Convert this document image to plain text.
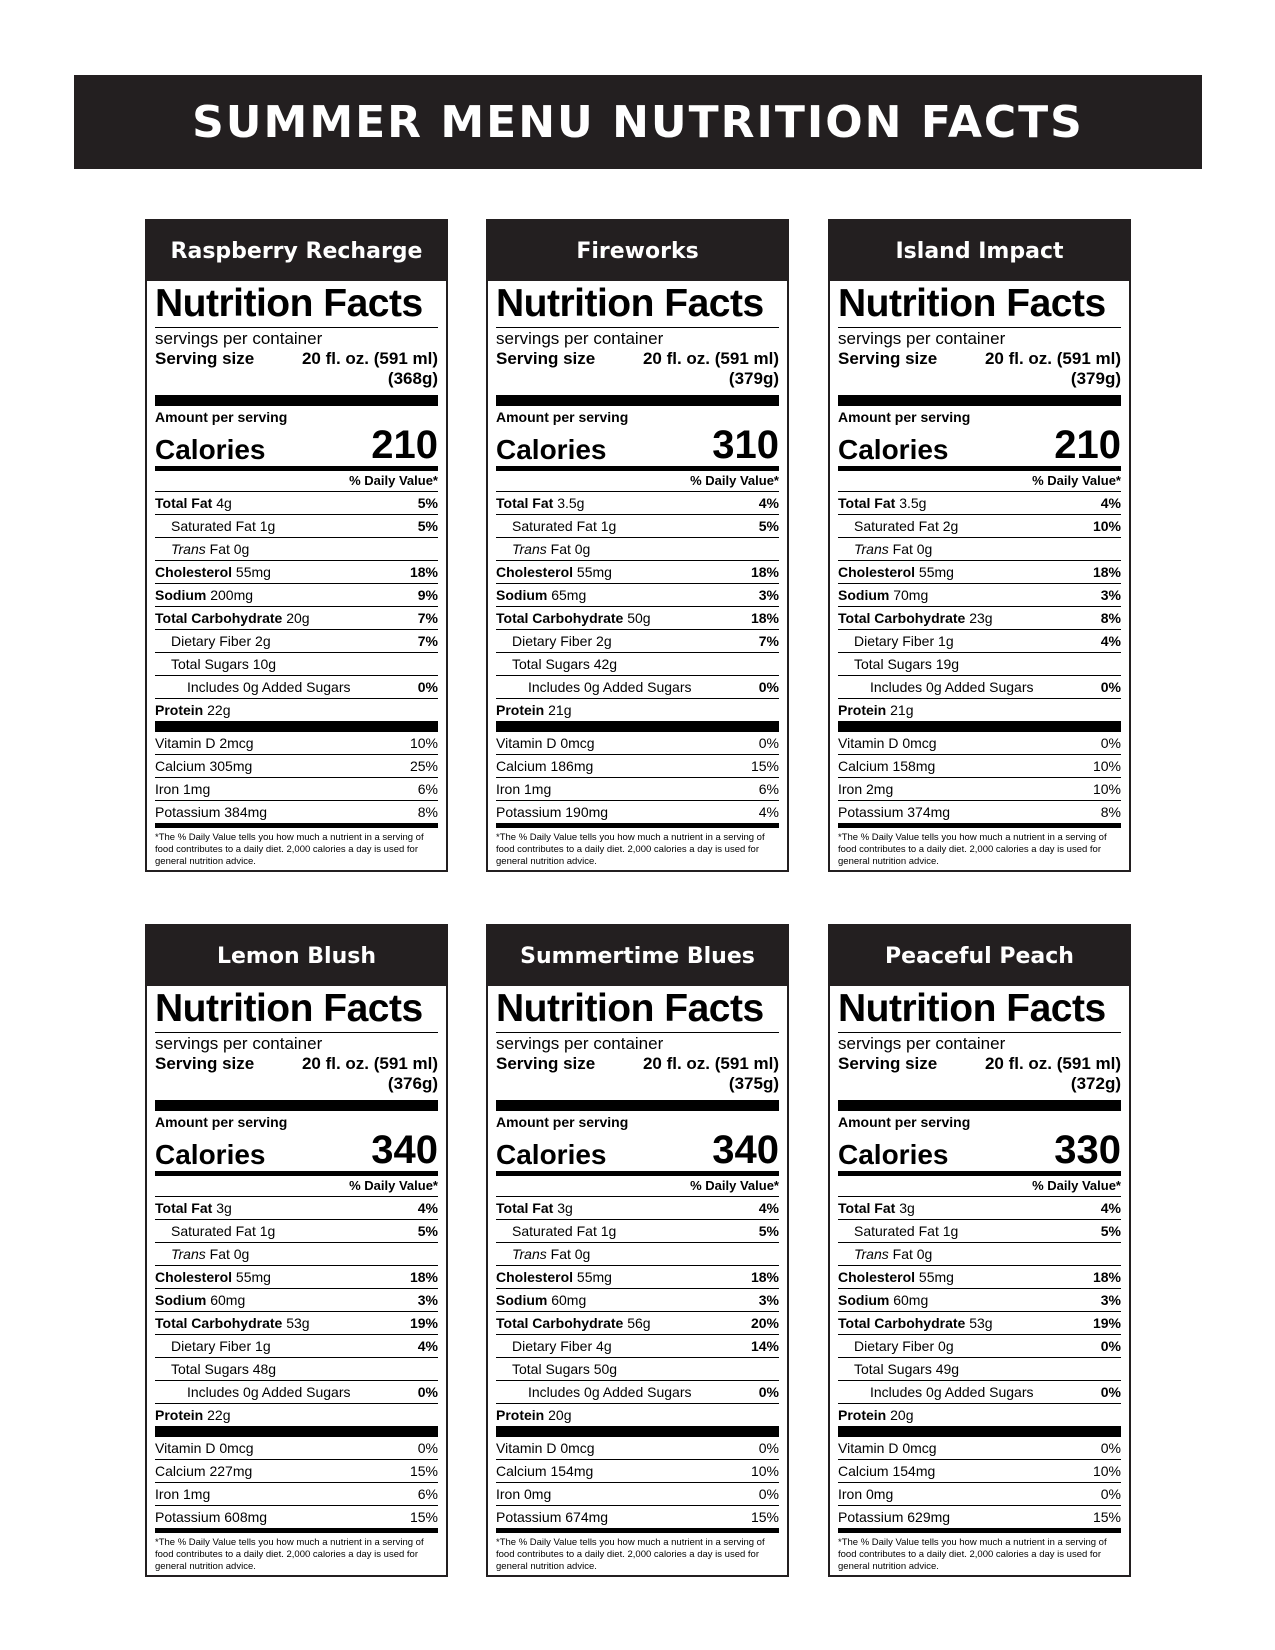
SUMMER MENU NUTRITION FACTS
Raspberry Recharge
Nutrition Facts
servings per container
Serving size	20 fl. oz. (591 ml)
(368g)
Amount per serving
Calories	210
% Daily Value*
Total Fat 4g	5%
Saturated Fat 1g	5%
Trans Fat 0g
Cholesterol 55mg	18%
Sodium 200mg	9%
Total Carbohydrate 20g	7%
Dietary Fiber 2g	7%
Total Sugars 10g
Includes 0g Added Sugars	0%
Protein 22g
Vitamin D 2mcg	10%
Calcium 305mg	25%
Iron 1mg	6%
Potassium 384mg	8%
*The % Daily Value tells you how much a nutrient in a serving of food contributes to a daily diet. 2,000 calories a day is used for general nutrition advice.
Fireworks
Nutrition Facts
servings per container
Serving size	20 fl. oz. (591 ml)
(379g)
Amount per serving
Calories	310
% Daily Value*
Total Fat 3.5g	4%
Saturated Fat 1g	5%
Trans Fat 0g
Cholesterol 55mg	18%
Sodium 65mg	3%
Total Carbohydrate 50g	18%
Dietary Fiber 2g	7%
Total Sugars 42g
Includes 0g Added Sugars	0%
Protein 21g
Vitamin D 0mcg	0%
Calcium 186mg	15%
Iron 1mg	6%
Potassium 190mg	4%
*The % Daily Value tells you how much a nutrient in a serving of food contributes to a daily diet. 2,000 calories a day is used for general nutrition advice.
Island Impact
Nutrition Facts
servings per container
Serving size	20 fl. oz. (591 ml)
(379g)
Amount per serving
Calories	210
% Daily Value*
Total Fat 3.5g	4%
Saturated Fat 2g	10%
Trans Fat 0g
Cholesterol 55mg	18%
Sodium 70mg	3%
Total Carbohydrate 23g	8%
Dietary Fiber 1g	4%
Total Sugars 19g
Includes 0g Added Sugars	0%
Protein 21g
Vitamin D 0mcg	0%
Calcium 158mg	10%
Iron 2mg	10%
Potassium 374mg	8%
*The % Daily Value tells you how much a nutrient in a serving of food contributes to a daily diet. 2,000 calories a day is used for general nutrition advice.
Lemon Blush
Nutrition Facts
servings per container
Serving size	20 fl. oz. (591 ml)
(376g)
Amount per serving
Calories	340
% Daily Value*
Total Fat 3g	4%
Saturated Fat 1g	5%
Trans Fat 0g
Cholesterol 55mg	18%
Sodium 60mg	3%
Total Carbohydrate 53g	19%
Dietary Fiber 1g	4%
Total Sugars 48g
Includes 0g Added Sugars	0%
Protein 22g
Vitamin D 0mcg	0%
Calcium 227mg	15%
Iron 1mg	6%
Potassium 608mg	15%
*The % Daily Value tells you how much a nutrient in a serving of food contributes to a daily diet. 2,000 calories a day is used for general nutrition advice.
Summertime Blues
Nutrition Facts
servings per container
Serving size	20 fl. oz. (591 ml)
(375g)
Amount per serving
Calories	340
% Daily Value*
Total Fat 3g	4%
Saturated Fat 1g	5%
Trans Fat 0g
Cholesterol 55mg	18%
Sodium 60mg	3%
Total Carbohydrate 56g	20%
Dietary Fiber 4g	14%
Total Sugars 50g
Includes 0g Added Sugars	0%
Protein 20g
Vitamin D 0mcg	0%
Calcium 154mg	10%
Iron 0mg	0%
Potassium 674mg	15%
*The % Daily Value tells you how much a nutrient in a serving of food contributes to a daily diet. 2,000 calories a day is used for general nutrition advice.
Peaceful Peach
Nutrition Facts
servings per container
Serving size	20 fl. oz. (591 ml)
(372g)
Amount per serving
Calories	330
% Daily Value*
Total Fat 3g	4%
Saturated Fat 1g	5%
Trans Fat 0g
Cholesterol 55mg	18%
Sodium 60mg	3%
Total Carbohydrate 53g	19%
Dietary Fiber 0g	0%
Total Sugars 49g
Includes 0g Added Sugars	0%
Protein 20g
Vitamin D 0mcg	0%
Calcium 154mg	10%
Iron 0mg	0%
Potassium 629mg	15%
*The % Daily Value tells you how much a nutrient in a serving of food contributes to a daily diet. 2,000 calories a day is used for general nutrition advice.
